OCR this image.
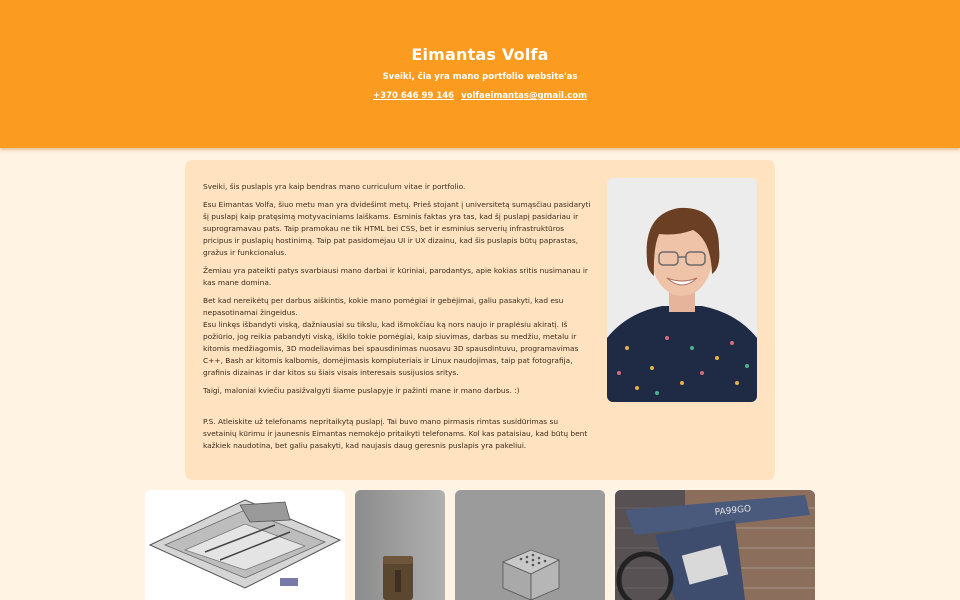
Eimantas Volfa
Sveiki, čia yra mano portfolio website'as
+370 646 99 146 volfaeimantas@gmail.com

Sveiki, šis puslapis yra kaip bendras mano curriculum vitae ir portfolio.

Esu Eimantas Volfa, šiuo metu man yra dvidešimt metų. Prieš stojant į universitetą sumąsčiau pasidaryti šį puslapį kaip pratęsimą motyvaciniams laiškams. Esminis faktas yra tas, kad šį puslapį pasidariau ir suprogramavau pats. Taip pramokau ne tik HTML bei CSS, bet ir esminius serverių infrastruktūros pricipus ir puslapių hostinimą. Taip pat pasidomėjau UI ir UX dizainu, kad šis puslapis būtų paprastas, gražus ir funkcionalus.

Žemiau yra pateikti patys svarbiausi mano darbai ir kūriniai, parodantys, apie kokias sritis nusimanau ir kas mane domina.

Bet kad nereikėtų per darbus aiškintis, kokie mano pomėgiai ir gebėjimai, galiu pasakyti, kad esu nepasotinamai žingeidus.
Esu linkęs išbandyti viską, dažniausiai su tikslu, kad išmokčiau ką nors naujo ir praplėsiu akiratį. Iš požiūrio, jog reikia pabandyti viską, iškilo tokie pomėgiai, kaip siuvimas, darbas su medžiu, metalu ir kitomis medžiagomis, 3D modeliavimas bei spausdinimas nuosavu 3D spausdintuvu, programavimas C++, Bash ar kitomis kalbomis, domėjimasis kompiuteriais ir Linux naudojimas, taip pat fotografija, grafinis dizainas ir dar kitos su šiais visais interesais susijusios sritys.

Taigi, maloniai kviečiu pasižvalgyti šiame puslapyje ir pažinti mane ir mano darbus. :)

P.S. Atleiskite už telefonams nepritaikytą puslapį. Tai buvo mano pirmasis rimtas susidūrimas su svetainių kūrimu ir jaunesnis Eimantas nemokėjo pritaikyti telefonams. Kol kas pataisiau, kad būtų bent kažkiek naudotina, bet galiu pasakyti, kad naujasis daug geresnis puslapis yra pakeliui.

PA99GO
